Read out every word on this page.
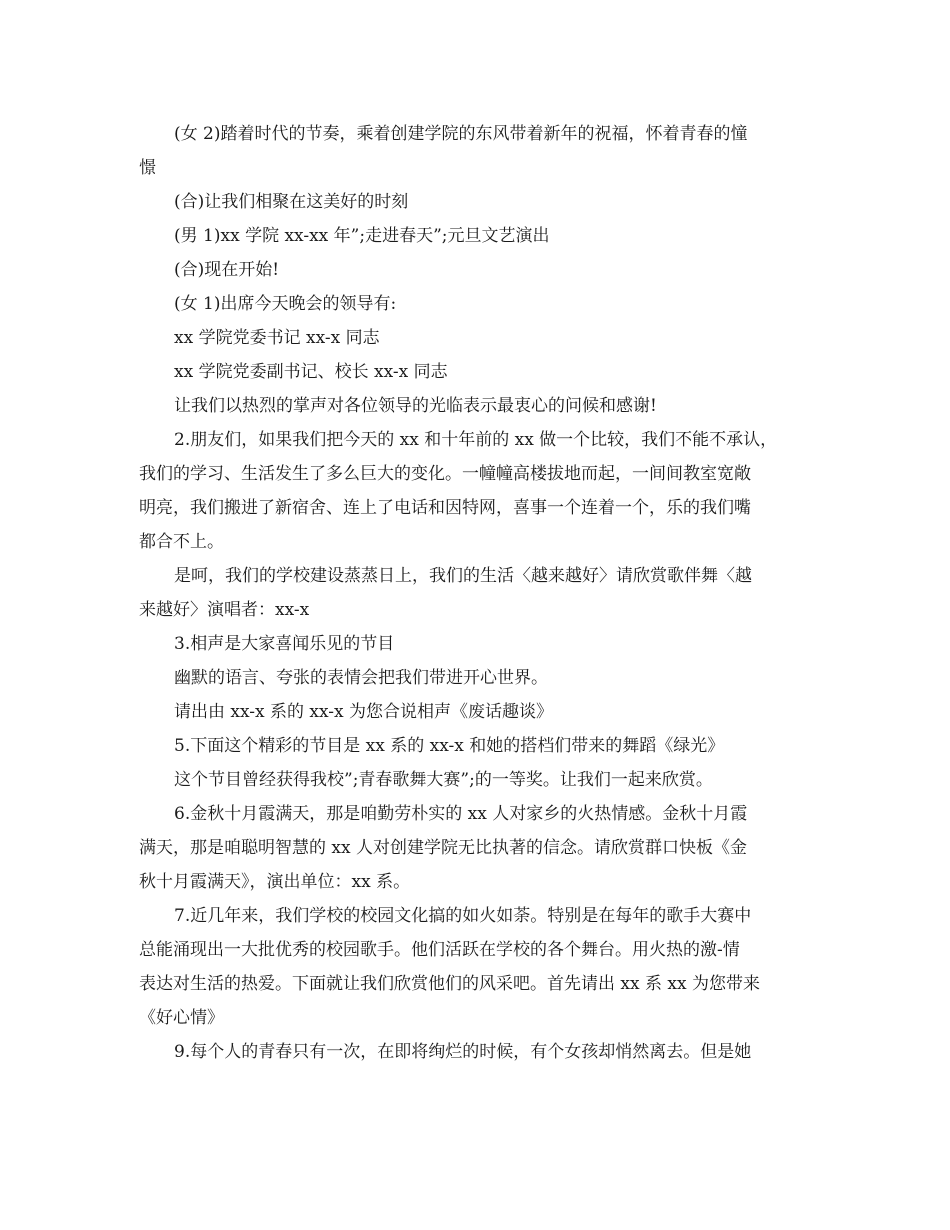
(女 2)踏着时代的节奏，乘着创建学院的东风带着新年的祝福，怀着青春的憧
憬
(合)让我们相聚在这美好的时刻
(男 1)xx 学院 xx-xx 年”;走进春天”;元旦文艺演出
(合)现在开始!
(女 1)出席今天晚会的领导有:
xx 学院党委书记 xx-x 同志
xx 学院党委副书记、校长 xx-x 同志
让我们以热烈的掌声对各位领导的光临表示最衷心的问候和感谢!
2.朋友们，如果我们把今天的 xx 和十年前的 xx 做一个比较，我们不能不承认，
我们的学习、生活发生了多么巨大的变化。一幢幢高楼拔地而起，一间间教室宽敞
明亮，我们搬进了新宿舍、连上了电话和因特网，喜事一个连着一个，乐的我们嘴
都合不上。
是呵，我们的学校建设蒸蒸日上，我们的生活〈越来越好〉请欣赏歌伴舞〈越
来越好〉演唱者：xx-x
3.相声是大家喜闻乐见的节目
幽默的语言、夸张的表情会把我们带进开心世界。
请出由 xx-x 系的 xx-x 为您合说相声《废话趣谈》
5.下面这个精彩的节目是 xx 系的 xx-x 和她的搭档们带来的舞蹈《绿光》
这个节目曾经获得我校”;青春歌舞大赛”;的一等奖。让我们一起来欣赏。
6.金秋十月霞满天，那是咱勤劳朴实的 xx 人对家乡的火热情感。金秋十月霞
满天，那是咱聪明智慧的 xx 人对创建学院无比执著的信念。请欣赏群口快板《金
秋十月霞满天》，演出单位：xx 系。
7.近几年来，我们学校的校园文化搞的如火如荼。特别是在每年的歌手大赛中
总能涌现出一大批优秀的校园歌手。他们活跃在学校的各个舞台。用火热的激-情
表达对生活的热爱。下面就让我们欣赏他们的风采吧。首先请出 xx 系 xx 为您带来
《好心情》
9.每个人的青春只有一次，在即将绚烂的时候，有个女孩却悄然离去。但是她
